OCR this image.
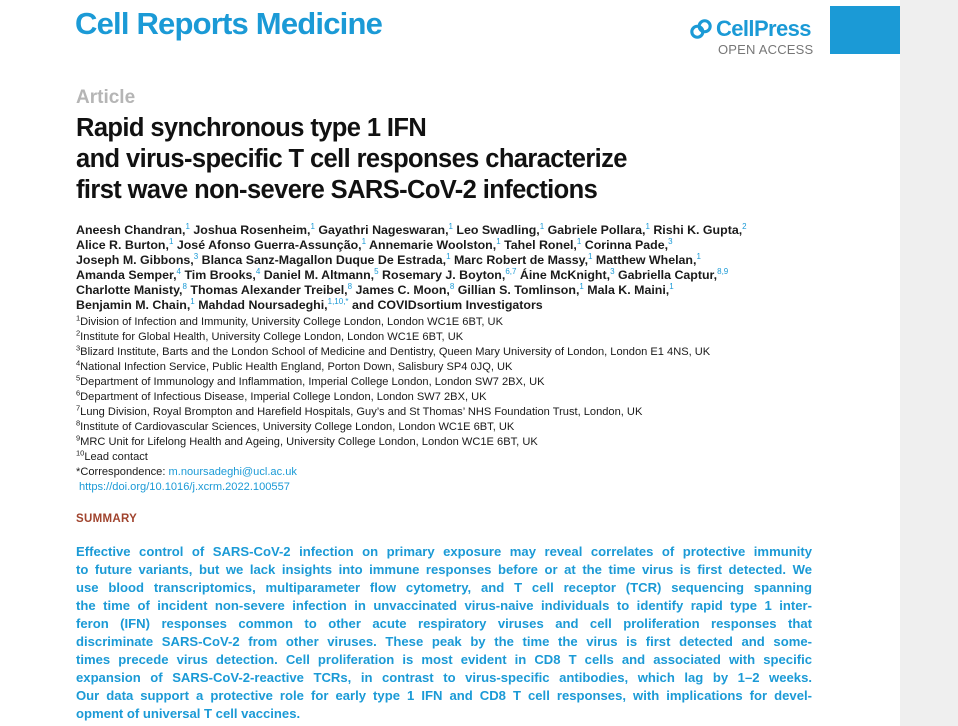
Cell Reports Medicine	CellPress
OPEN ACCESS
Article
Rapid synchronous type 1 IFN
and virus-specific T cell responses characterize
first wave non-severe SARS-CoV-2 infections
Aneesh Chandran,$^1$ Joshua Rosenheim,$^1$ Gayathri Nageswaran,$^1$ Leo Swadling,$^1$ Gabriele Pollara,$^1$ Rishi K. Gupta,$^2$
Alice R. Burton,$^1$ José Afonso Guerra-Assunção,$^1$ Annemarie Woolston,$^1$ Tahel Ronel,$^1$ Corinna Pade,$^3$
Joseph M. Gibbons,$^3$ Blanca Sanz-Magallon Duque De Estrada,$^1$ Marc Robert de Massy,$^1$ Matthew Whelan,$^1$
Amanda Semper,$^4$ Tim Brooks,$^4$ Daniel M. Altmann,$^5$ Rosemary J. Boyton,$^{6,7}$ Áine McKnight,$^3$ Gabriella Captur,$^{8,9}$
Charlotte Manisty,$^8$ Thomas Alexander Treibel,$^8$ James C. Moon,$^8$ Gillian S. Tomlinson,$^1$ Mala K. Maini,$^1$
Benjamin M. Chain,$^1$ Mahdad Noursadeghi,$^{1,10,*}$ and COVIDsortium Investigators
$^1$Division of Infection and Immunity, University College London, London WC1E 6BT, UK
$^2$Institute for Global Health, University College London, London WC1E 6BT, UK
$^3$Blizard Institute, Barts and the London School of Medicine and Dentistry, Queen Mary University of London, London E1 4NS, UK
$^4$National Infection Service, Public Health England, Porton Down, Salisbury SP4 0JQ, UK
$^5$Department of Immunology and Inflammation, Imperial College London, London SW7 2BX, UK
$^6$Department of Infectious Disease, Imperial College London, London SW7 2BX, UK
$^7$Lung Division, Royal Brompton and Harefield Hospitals, Guy’s and St Thomas’ NHS Foundation Trust, London, UK
$^8$Institute of Cardiovascular Sciences, University College London, London WC1E 6BT, UK
$^9$MRC Unit for Lifelong Health and Ageing, University College London, London WC1E 6BT, UK
$^{10}$Lead contact
*Correspondence: m.noursadeghi@ucl.ac.uk
https://doi.org/10.1016/j.xcrm.2022.100557
SUMMARY
Effective control of SARS-CoV-2 infection on primary exposure may reveal correlates of protective immunity
to future variants, but we lack insights into immune responses before or at the time virus is first detected. We
use blood transcriptomics, multiparameter flow cytometry, and T cell receptor (TCR) sequencing spanning
the time of incident non-severe infection in unvaccinated virus-naive individuals to identify rapid type 1 inter-
feron (IFN) responses common to other acute respiratory viruses and cell proliferation responses that
discriminate SARS-CoV-2 from other viruses. These peak by the time the virus is first detected and some-
times precede virus detection. Cell proliferation is most evident in CD8 T cells and associated with specific
expansion of SARS-CoV-2-reactive TCRs, in contrast to virus-specific antibodies, which lag by 1–2 weeks.
Our data support a protective role for early type 1 IFN and CD8 T cell responses, with implications for devel-
opment of universal T cell vaccines.
